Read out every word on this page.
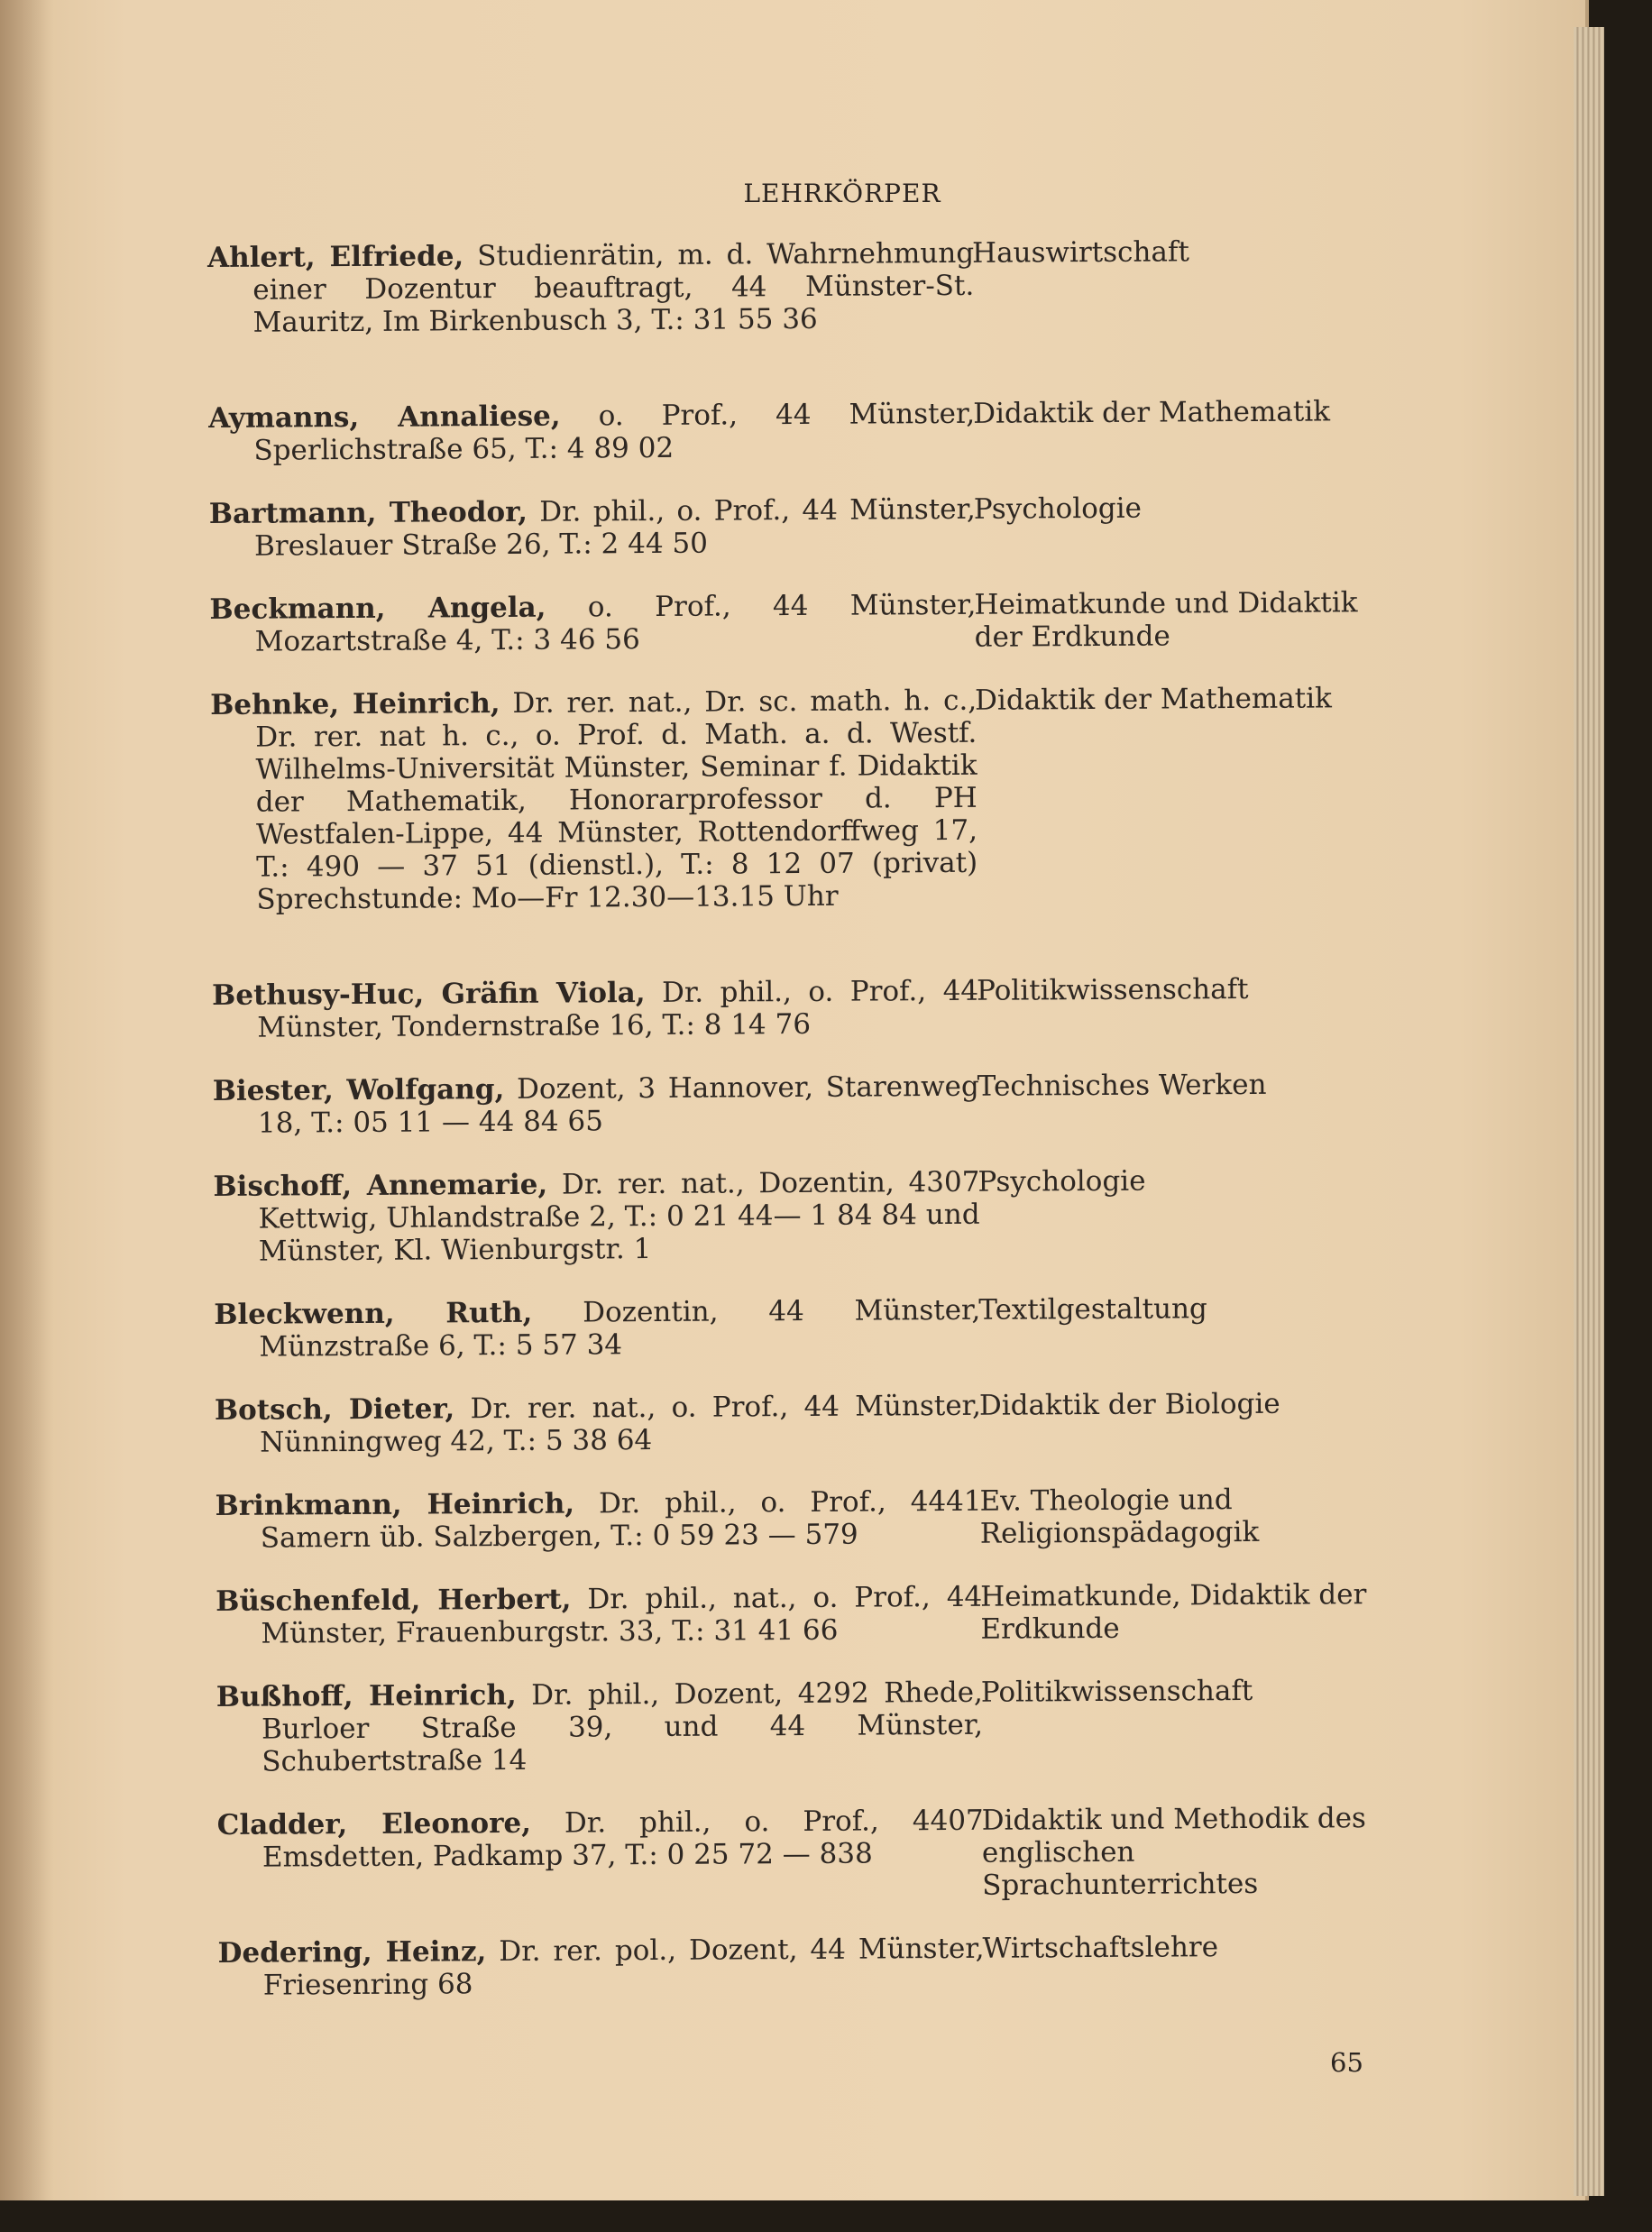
LEHRKÖRPER
Ahlert, Elfriede, Studienrätin, m. d. Wahrnehmung einer Dozentur beauftragt, 44 Münster-St. Mauritz, Im Birkenbusch 3, T.: 31 55 36
Hauswirtschaft
Aymanns, Annaliese, o. Prof., 44 Münster, Sperlichstraße 65, T.: 4 89 02
Didaktik der Mathematik
Bartmann, Theodor, Dr. phil., o. Prof., 44 Münster, Breslauer Straße 26, T.: 2 44 50
Psychologie
Beckmann, Angela, o. Prof., 44 Münster, Mozartstraße 4, T.: 3 46 56
Heimatkunde und Didaktik der Erdkunde
Behnke, Heinrich, Dr. rer. nat., Dr. sc. math. h. c., Dr. rer. nat h. c., o. Prof. d. Math. a. d. Westf. Wilhelms-Universität Münster, Seminar f. Didaktik der Mathematik, Honorarprofessor d. PH Westfalen-Lippe, 44 Münster, Rottendorffweg 17, T.: 490 — 37 51 (dienstl.), T.: 8 12 07 (privat) Sprechstunde: Mo—Fr 12.30—13.15 Uhr
Didaktik der Mathematik
Bethusy-Huc, Gräfin Viola, Dr. phil., o. Prof., 44 Münster, Tondernstraße 16, T.: 8 14 76
Politikwissenschaft
Biester, Wolfgang, Dozent, 3 Hannover, Starenweg 18, T.: 05 11 — 44 84 65
Technisches Werken
Bischoff, Annemarie, Dr. rer. nat., Dozentin, 4307 Kettwig, Uhlandstraße 2, T.: 0 21 44— 1 84 84 und Münster, Kl. Wienburgstr. 1
Psychologie
Bleckwenn, Ruth, Dozentin, 44 Münster, Münzstraße 6, T.: 5 57 34
Textilgestaltung
Botsch, Dieter, Dr. rer. nat., o. Prof., 44 Münster, Nünningweg 42, T.: 5 38 64
Didaktik der Biologie
Brinkmann, Heinrich, Dr. phil., o. Prof., 4441 Samern üb. Salzbergen, T.: 0 59 23 — 579
Ev. Theologie und Religionspädagogik
Büschenfeld, Herbert, Dr. phil., nat., o. Prof., 44 Münster, Frauenburgstr. 33, T.: 31 41 66
Heimatkunde, Didaktik der Erdkunde
Bußhoff, Heinrich, Dr. phil., Dozent, 4292 Rhede, Burloer Straße 39, und 44 Münster, Schubertstraße 14
Politikwissenschaft
Cladder, Eleonore, Dr. phil., o. Prof., 4407 Emsdetten, Padkamp 37, T.: 0 25 72 — 838
Didaktik und Methodik des englischen Sprachunterrichtes
Dedering, Heinz, Dr. rer. pol., Dozent, 44 Münster, Friesenring 68
Wirtschaftslehre
65
